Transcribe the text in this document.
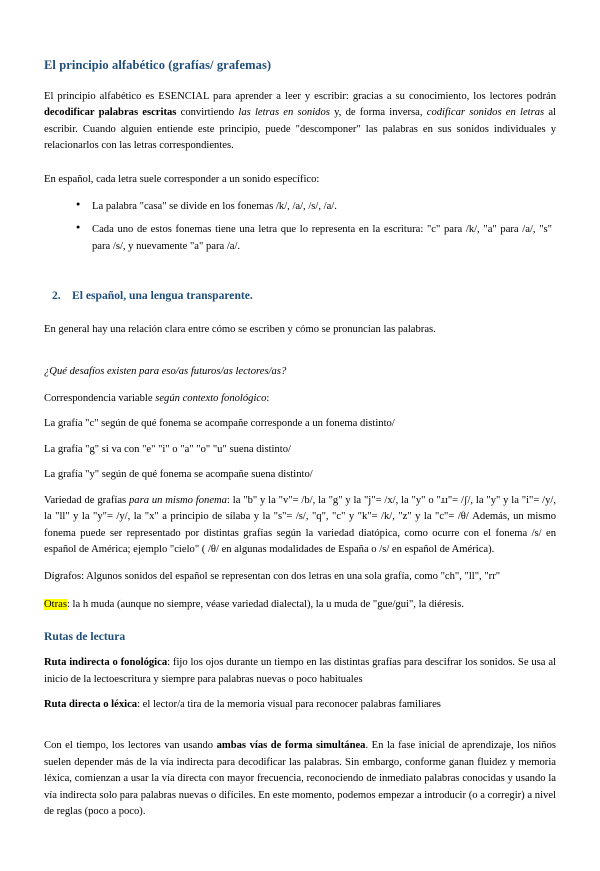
El principio alfabético (grafías/ grafemas)

El principio alfabético es ESENCIAL para aprender a leer y escribir: gracias a su conocimiento, los lectores podrán decodificar palabras escritas convirtiendo las letras en sonidos y, de forma inversa, codificar sonidos en letras al escribir. Cuando alguien entiende este principio, puede "descomponer" las palabras en sus sonidos individuales y relacionarlos con las letras correspondientes.

En español, cada letra suele corresponder a un sonido específico:

● La palabra "casa" se divide en los fonemas /k/, /a/, /s/, /a/.
● Cada uno de estos fonemas tiene una letra que lo representa en la escritura: "c" para /k/, "a" para /a/, "s" para /s/, y nuevamente "a" para /a/.
2. El español, una lengua transparente.

En general hay una relación clara entre cómo se escriben y cómo se pronuncian las palabras.

¿Qué desafíos existen para eso/as futuros/as lectores/as?

Correspondencia variable según contexto fonológico:

La grafía "c" según de qué fonema se acompañe corresponde a un fonema distinto/

La grafía "g" si va con "e" "i" o "a" "o" "u" suena distinto/

La grafía "y" según de qué fonema se acompañe suena distinto/

Variedad de grafías para un mismo fonema: la "b" y la "v"= /b/, la "g" y la "j"= /x/, la "y" o "ɹɹ"= /ʃ/, la "y" y la "i"= /y/, la "ll" y la "y"= /y/, la "x" a principio de sílaba y la "s"= /s/, "q", "c" y "k"= /k/, "z" y la "c"= /θ/ Además, un mismo fonema puede ser representado por distintas grafías según la variedad diatópica, como ocurre con el fonema /s/ en español de América; ejemplo "cielo" ( /θ/ en algunas modalidades de España o /s/ en español de América).

Dígrafos: Algunos sonidos del español se representan con dos letras en una sola grafía, como "ch", "ll", "rr"

Otras: la h muda (aunque no siempre, véase variedad dialectal), la u muda de "gue/gui", la diéresis.

Rutas de lectura

Ruta indirecta o fonológica: fijo los ojos durante un tiempo en las distintas grafías para descifrar los sonidos. Se usa al inicio de la lectoescritura y siempre para palabras nuevas o poco habituales

Ruta directa o léxica: el lector/a tira de la memoria visual para reconocer palabras familiares

Con el tiempo, los lectores van usando ambas vías de forma simultánea. En la fase inicial de aprendizaje, los niños suelen depender más de la vía indirecta para decodificar las palabras. Sin embargo, conforme ganan fluidez y memoria léxica, comienzan a usar la vía directa con mayor frecuencia, reconociendo de inmediato palabras conocidas y usando la vía indirecta solo para palabras nuevas o difíciles. En este momento, podemos empezar a introducir (o a corregir) a nivel de reglas (poco a poco).
